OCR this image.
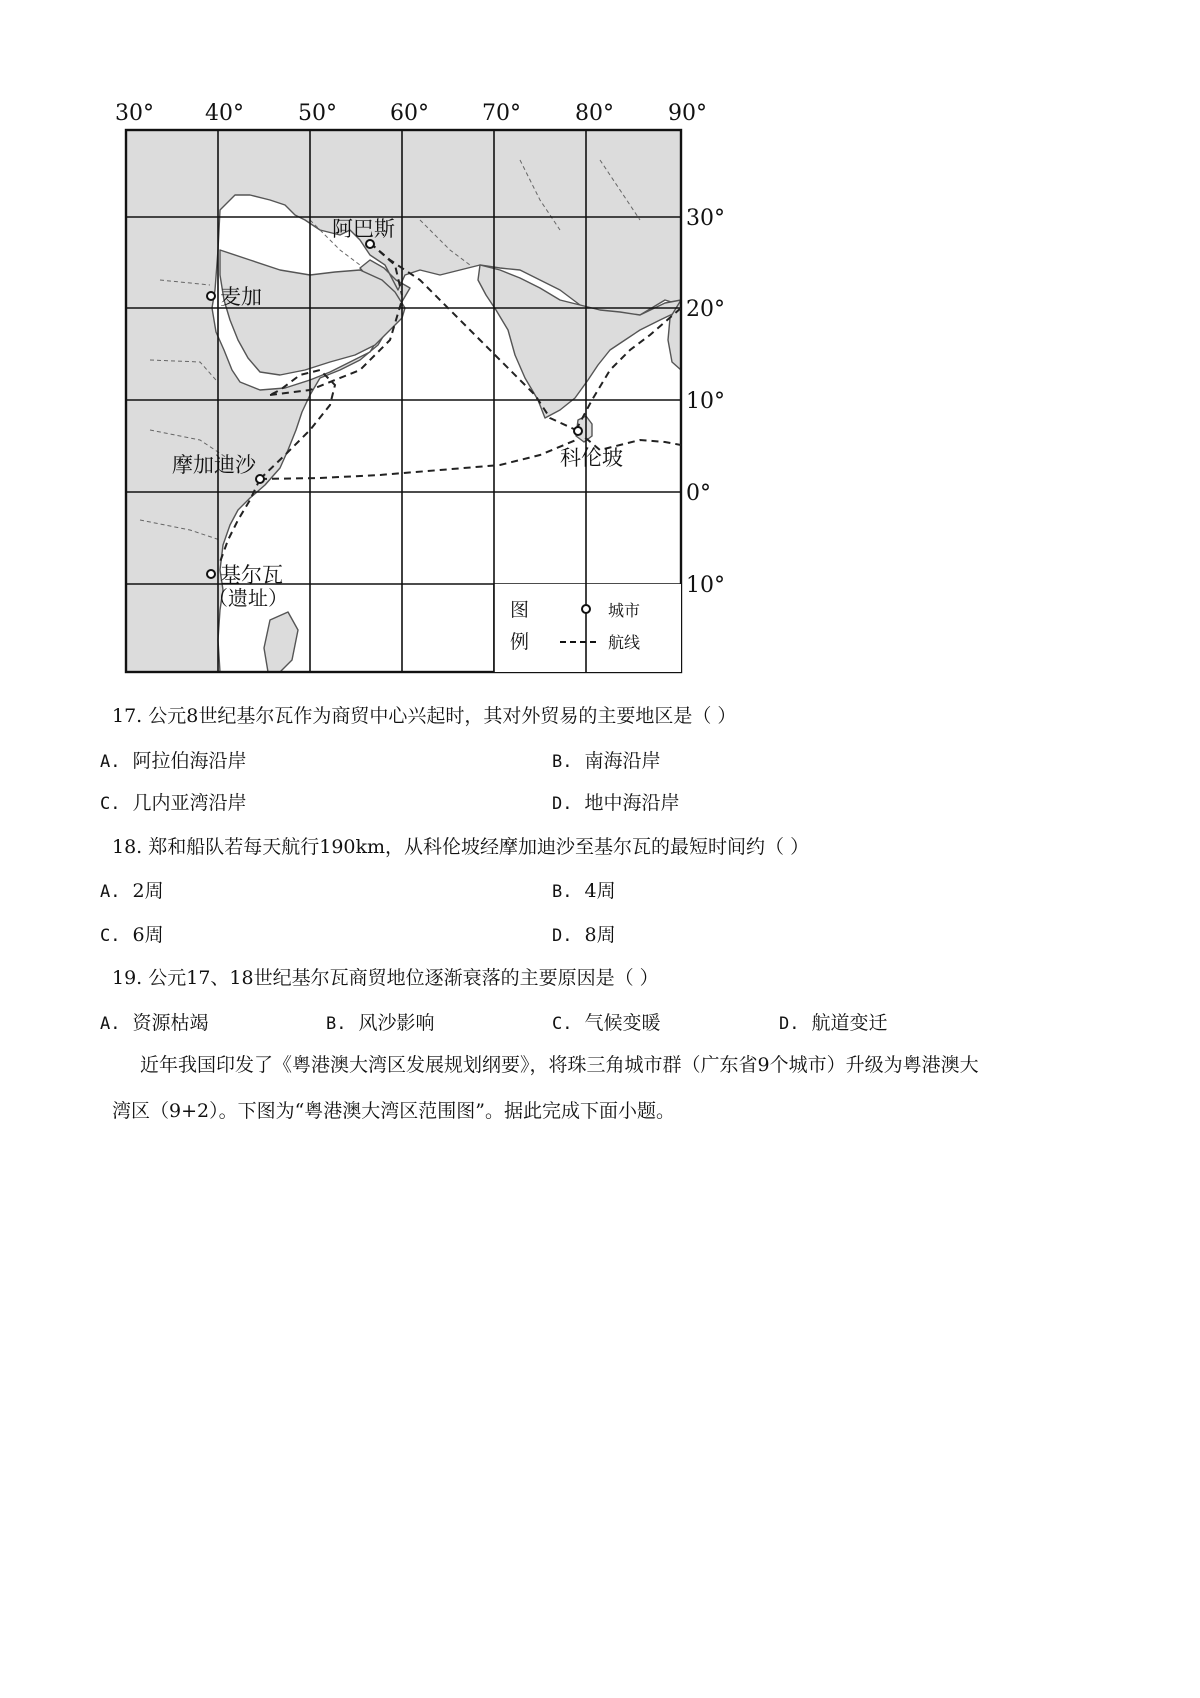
30° 40° 50° 60° 70° 80° 90°
30°
20°
10°
0°
10°
阿巴斯
麦加
科伦坡
摩加迪沙
基尔瓦
（遗址）	图
例
城市
航线
17. 公元8世纪基尔瓦作为商贸中心兴起时，其对外贸易的主要地区是（ ）
A. 阿拉伯海沿岸	B. 南海沿岸
C. 几内亚湾沿岸	D. 地中海沿岸
18. 郑和船队若每天航行190km，从科伦坡经摩加迪沙至基尔瓦的最短时间约（ ）
A. 2周	B. 4周
C. 6周	D. 8周
19. 公元17、18世纪基尔瓦商贸地位逐渐衰落的主要原因是（ ）
A. 资源枯竭	B. 风沙影响	C. 气候变暖	D. 航道变迁
近年我国印发了《粤港澳大湾区发展规划纲要》，将珠三角城市群（广东省9个城市）升级为粤港澳大
湾区（9+2）。下图为“粤港澳大湾区范围图”。据此完成下面小题。
